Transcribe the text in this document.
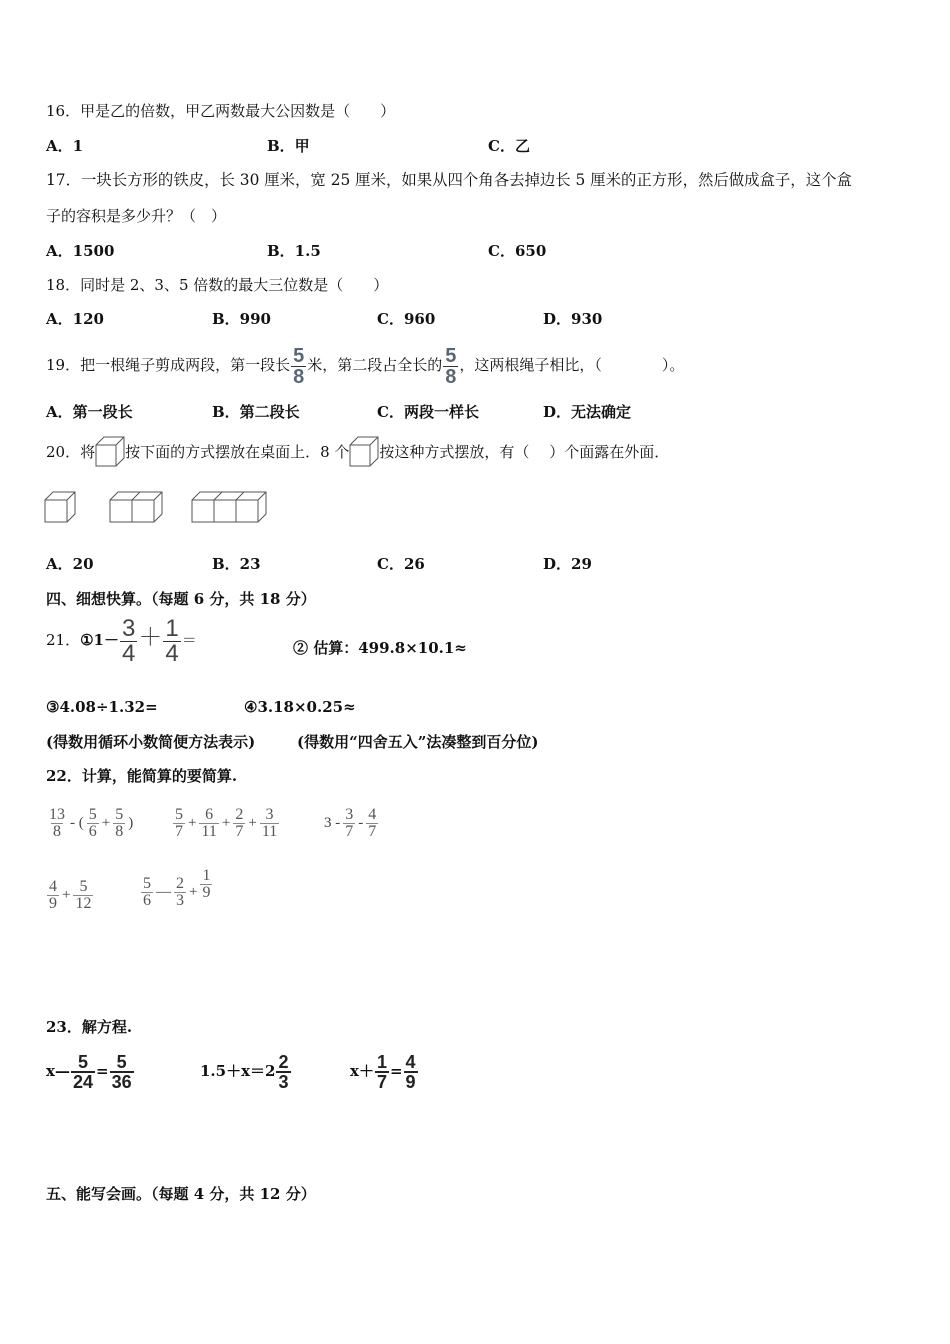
16．甲是乙的倍数，甲乙两数最大公因数是（　　）
A．1	B．甲	C．乙
17．一块长方形的铁皮，长 30 厘米，宽 25 厘米，如果从四个角各去掉边长 5 厘米的正方形，然后做成盒子，这个盒
子的容积是多少升？（　）
A．1500	B．1.5	C．650
18．同时是 2、3、5 倍数的最大三位数是（　　）
A．120	B．990	C．960	D．930
19．把一根绳子剪成两段，第一段长 $\frac{5}{8}$ 米，第二段占全长的 $\frac{5}{8}$ ，这两根绳子相比，（　　　　）。
A．第一段长	B．第二段长	C．两段一样长	D．无法确定
20．将 按下面的方式摆放在桌面上．8 个 按这种方式摆放，有（　 ）个面露在外面．
A．20	B．23	C．26	D．29
四、细想快算。（每题 6 分，共 18 分）
21．①1－ $\frac{3}{4} + \frac{1}{4}$ ＝	② 估算：499.8×10.1≈
③4.08÷1.32=	④3.18×0.25≈
(得数用循环小数简便方法表示)	(得数用“四舍五入”法凑整到百分位)
22．计算，能简算的要简算.
$\frac{13}{8}$ - ( $\frac{5}{6} + \frac{5}{8}$ ) $\frac{5}{7} + \frac{6}{11} + \frac{2}{7} + \frac{3}{11}$	$3 - \frac{3}{7} - \frac{4}{7}$
$\frac{4}{9} + \frac{5}{12}$	$\frac{5}{6}$ — $\frac{2}{3} + \frac{1}{9}$
23．解方程.
x— $\frac{5}{24} = \frac{5}{36}$	$1.5+x=2 \frac{2}{3}$	$x+ \frac{1}{7} = \frac{4}{9}$
五、能写会画。（每题 4 分，共 12 分）
